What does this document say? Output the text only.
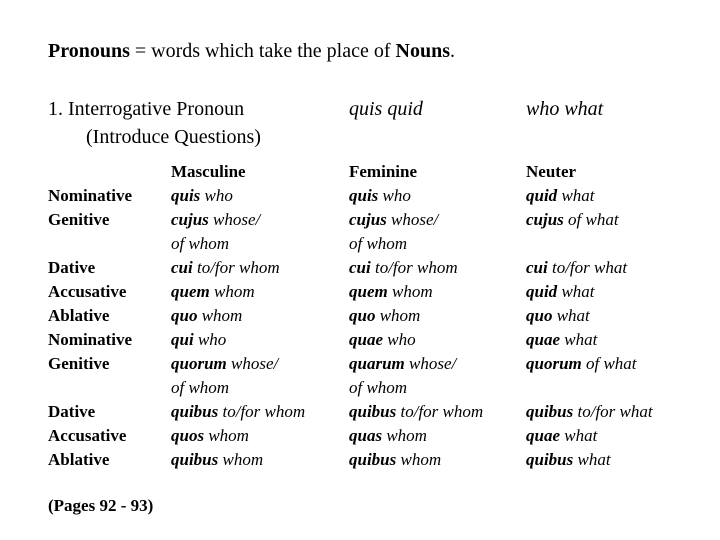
Pronouns = words which take the place of Nouns.
1. Interrogative Pronoun
(Introduce Questions)
quis quid	who what
Nominative
Genitive
Dative
Accusative
Ablative
Nominative
Genitive
Dative
Accusative
Ablative
Masculine
quis who
cujus whose/
of whom
cui to/for whom
quem whom
quo whom
qui who
quorum whose/
of whom
quibus to/for whom
quos whom
quibus whom
Feminine
quis who
cujus whose/
of whom
cui to/for whom
quem whom
quo whom
quae who
quarum whose/
of whom
quibus to/for whom
quas whom
quibus whom
Neuter
quid what
cujus of what
cui to/for what
quid what
quo what
quae what
quorum of what
quibus to/for what
quae what
quibus what
(Pages 92 - 93)
